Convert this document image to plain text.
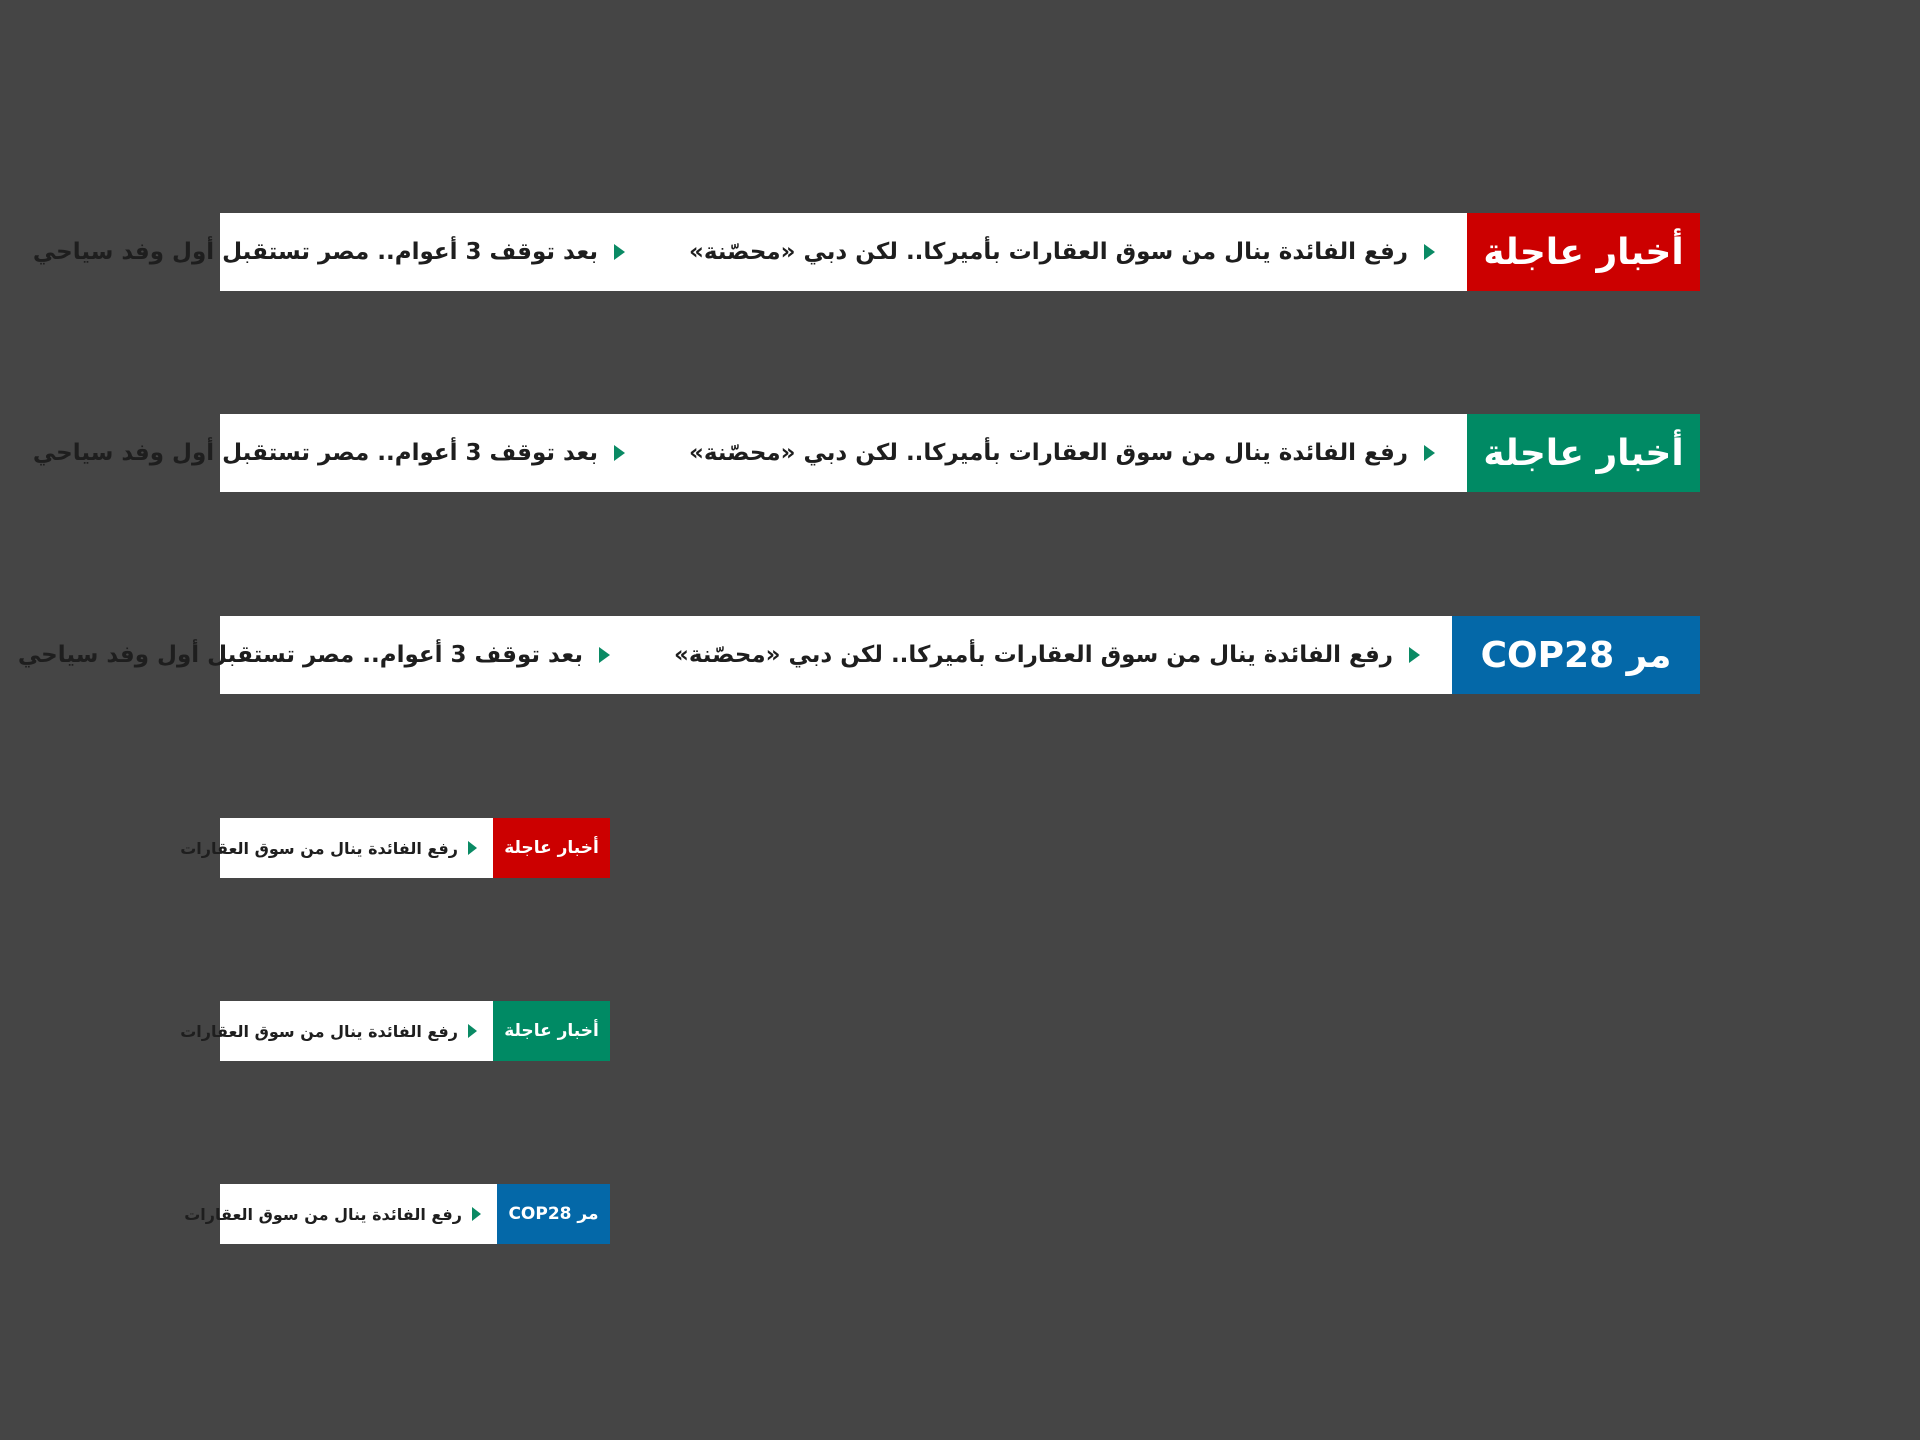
أخبار عاجلة
رفع الفائدة ينال من سوق العقارات بأميركا.. لكن دبي «محصّنة»
بعد توقف 3 أعوام.. مصر تستقبل أول وفد سياحي
أخبار عاجلة
رفع الفائدة ينال من سوق العقارات بأميركا.. لكن دبي «محصّنة»
بعد توقف 3 أعوام.. مصر تستقبل أول وفد سياحي
مر COP28
رفع الفائدة ينال من سوق العقارات بأميركا.. لكن دبي «محصّنة»
بعد توقف 3 أعوام.. مصر تستقبل أول وفد سياحي
أخبار عاجلة
رفع الفائدة ينال من سوق العقارات
أخبار عاجلة
رفع الفائدة ينال من سوق العقارات
مر COP28
رفع الفائدة ينال من سوق العقارات
